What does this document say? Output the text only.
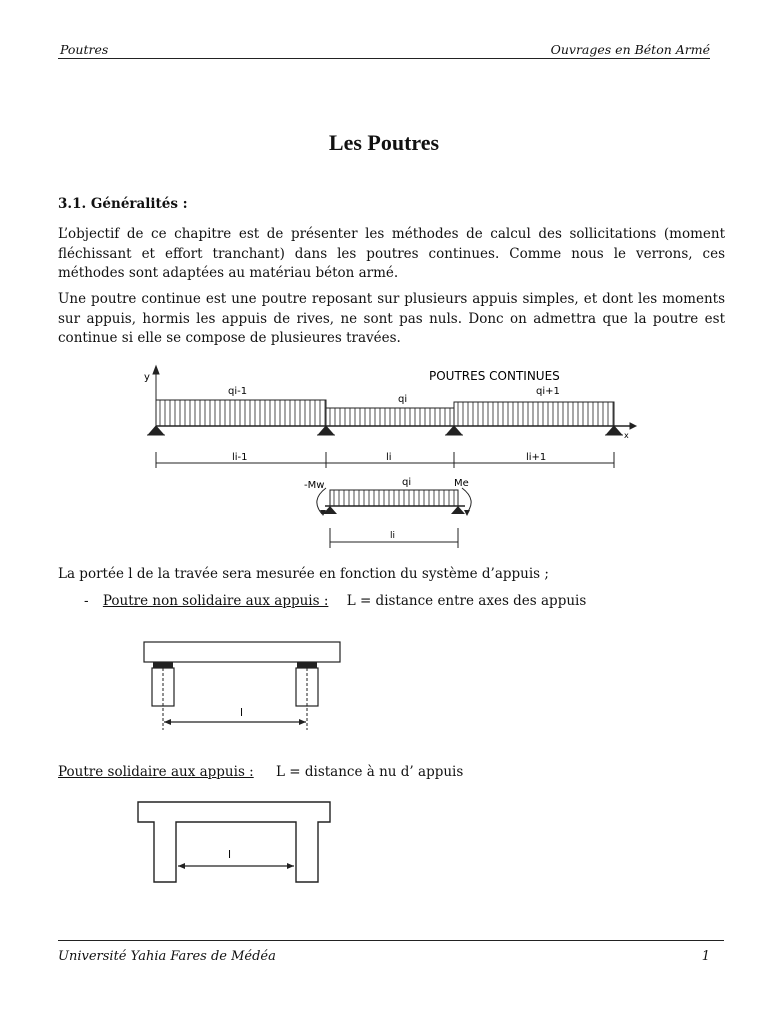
Poutres	Ouvrages en Béton Armé
Les Poutres
3.1. Généralités :
L’objectif de ce chapitre est de présenter les méthodes de calcul des sollicitations (moment fléchissant et effort tranchant) dans les poutres continues. Comme nous le verrons, ces méthodes sont adaptées au matériau béton armé.
Une poutre continue est une poutre reposant sur plusieurs appuis simples, et dont les moments sur appuis, hormis les appuis de rives, ne sont pas nuls. Donc on admettra que la poutre est continue si elle se compose de plusieures travées.
y
x
POUTRES CONTINUES
qi-1
qi
qi+1
li-1	li	li+1
qi
-Mw	Me
li
La portée l de la travée sera mesurée en fonction du système d’appuis ;
- Poutre non solidaire aux appuis : L = distance entre axes des appuis
l
Poutre solidaire aux appuis : L = distance à nu d’ appuis
l
Université Yahia Fares de Médéa	1
